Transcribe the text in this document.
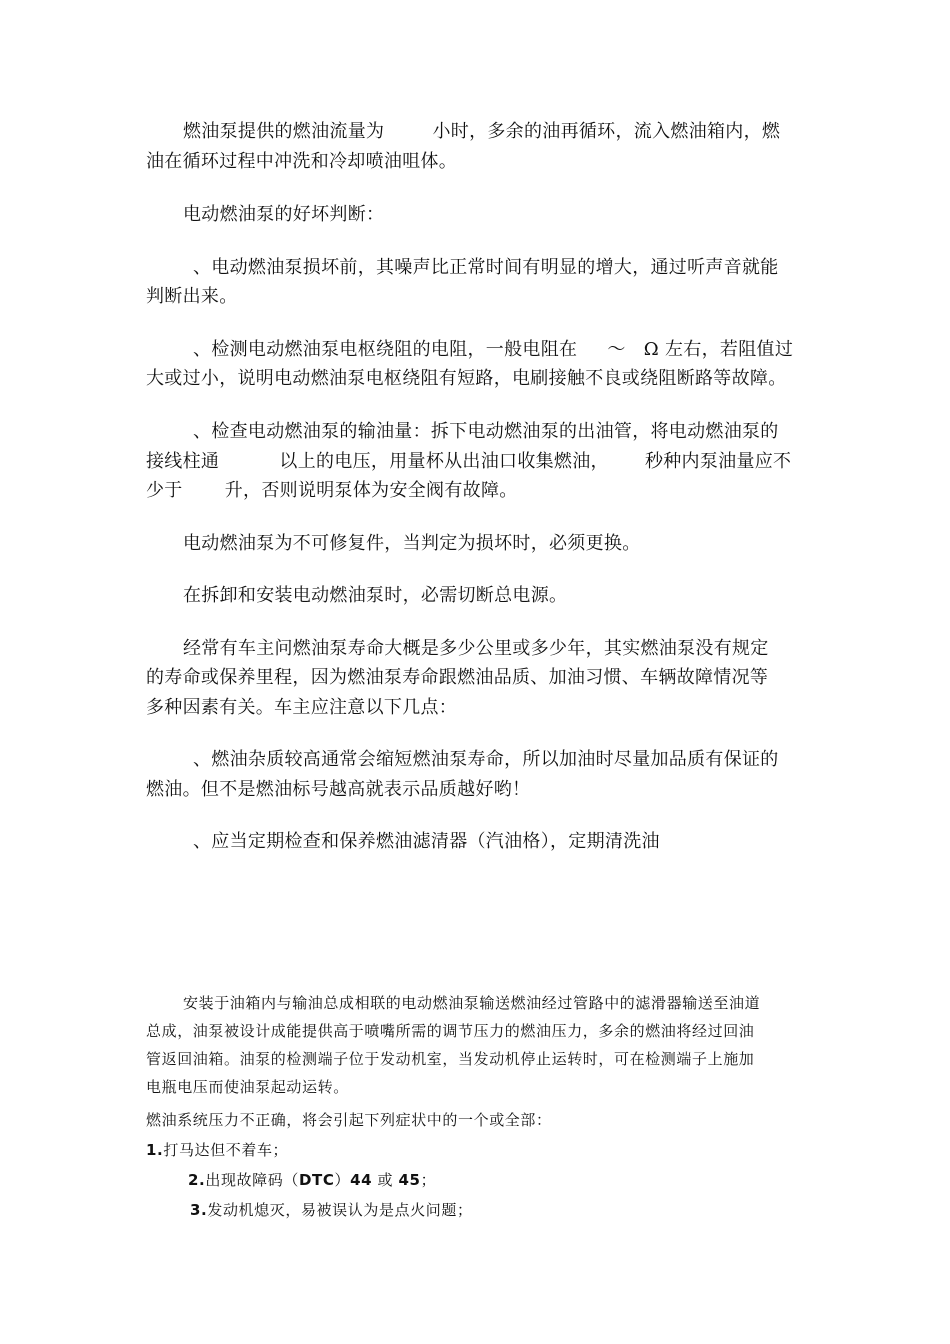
燃油泵提供的燃油流量为        小时，多余的油再循环，流入燃油箱内，燃
油在循环过程中冲洗和冷却喷油咀体。
电动燃油泵的好坏判断：
、电动燃油泵损坏前，其噪声比正常时间有明显的增大，通过听声音就能
判断出来。
、检测电动燃油泵电枢绕阻的电阻，一般电阻在     ～   Ω 左右，若阻值过
大或过小，说明电动燃油泵电枢绕阻有短路，电刷接触不良或绕阻断路等故障。
、检查电动燃油泵的输油量：拆下电动燃油泵的出油管，将电动燃油泵的
接线柱通          以上的电压，用量杯从出油口收集燃油，      秒种内泵油量应不
少于       升，否则说明泵体为安全阀有故障。
电动燃油泵为不可修复件，当判定为损坏时，必须更换。
在拆卸和安装电动燃油泵时，必需切断总电源。
经常有车主问燃油泵寿命大概是多少公里或多少年，其实燃油泵没有规定
的寿命或保养里程，因为燃油泵寿命跟燃油品质、加油习惯、车辆故障情况等
多种因素有关。车主应注意以下几点：
、燃油杂质较高通常会缩短燃油泵寿命，所以加油时尽量加品质有保证的
燃油。但不是燃油标号越高就表示品质越好哟！
、应当定期检查和保养燃油滤清器（汽油格），定期清洗油
安装于油箱内与输油总成相联的电动燃油泵输送燃油经过管路中的滤滑器输送至油道
总成，油泵被设计成能提供高于喷嘴所需的调节压力的燃油压力，多余的燃油将经过回油
管返回油箱。油泵的检测端子位于发动机室，当发动机停止运转时，可在检测端子上施加
电瓶电压而使油泵起动运转。
燃油系统压力不正确，将会引起下列症状中的一个或全部：
1.打马达但不着车；
2.出现故障码（DTC）44 或 45；
3.发动机熄灭，易被误认为是点火问题；
